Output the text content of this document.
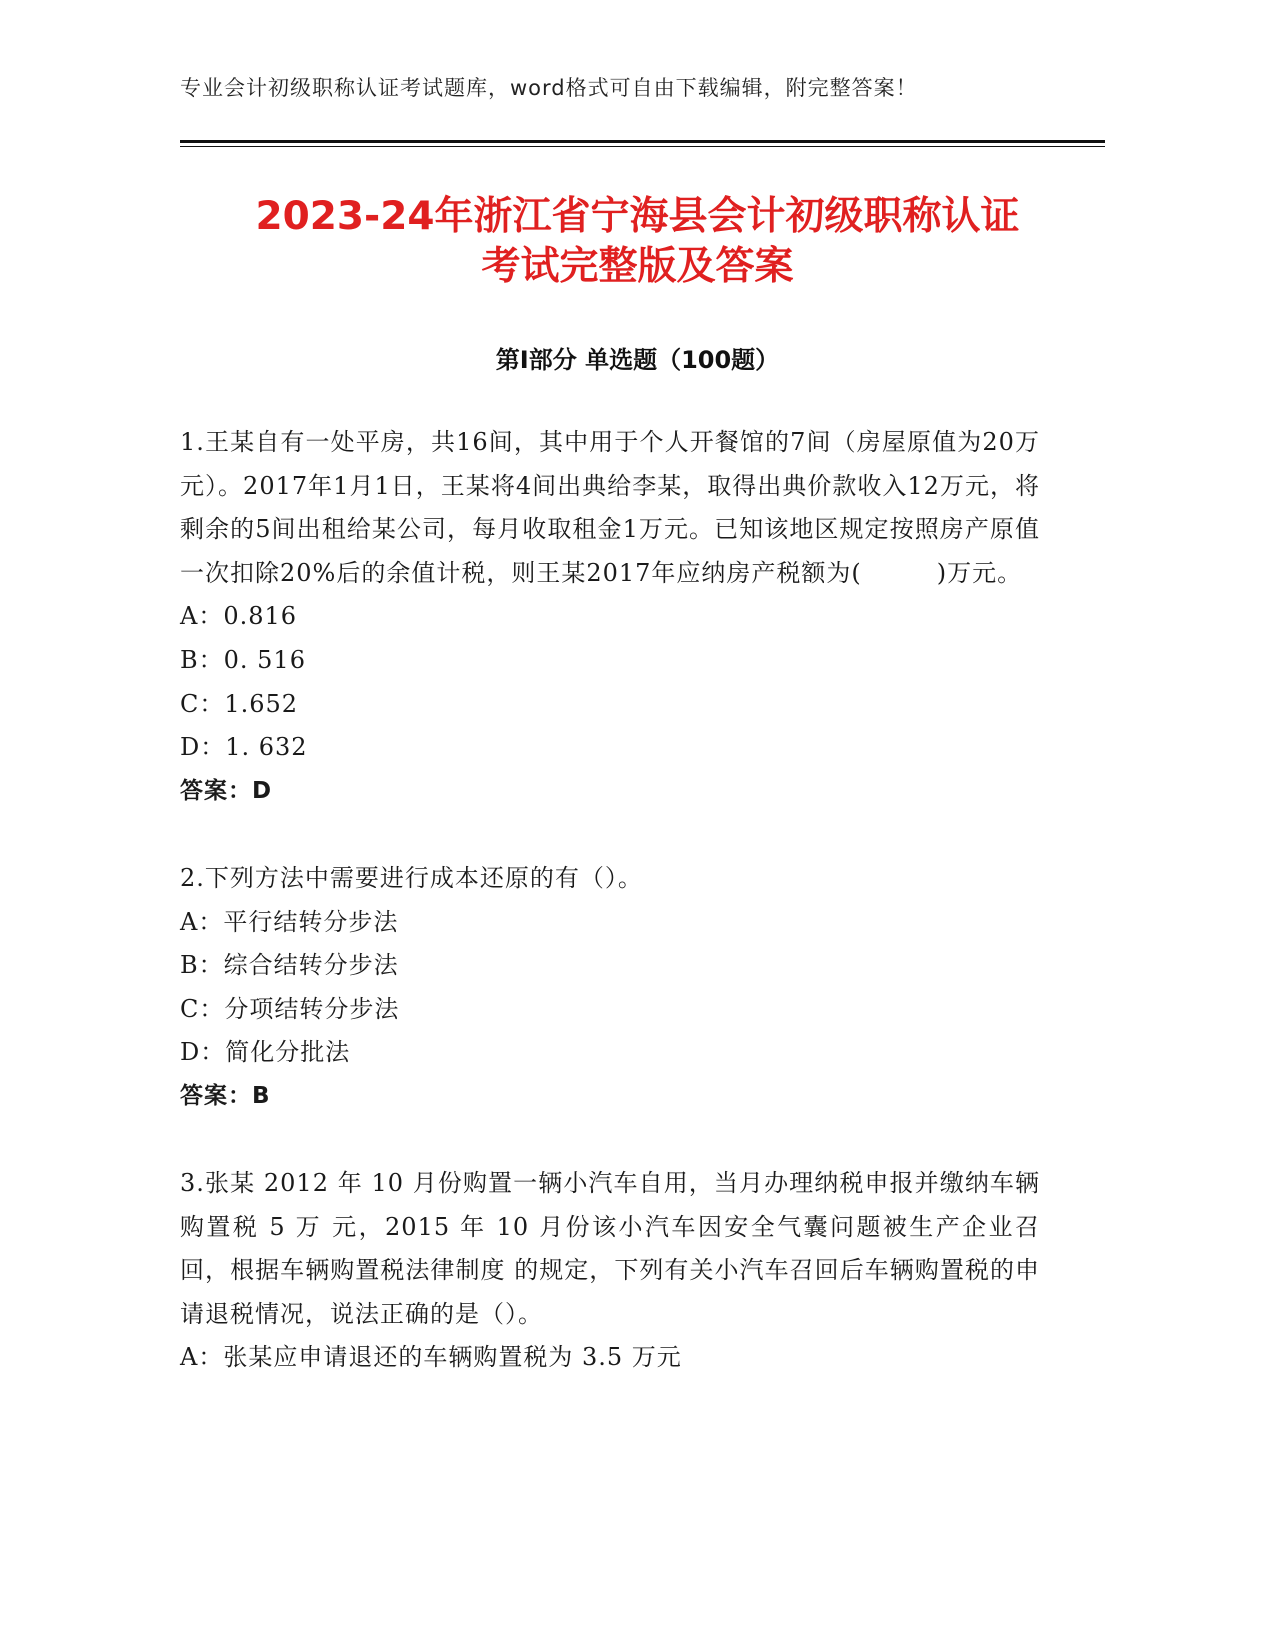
专业会计初级职称认证考试题库，word格式可自由下载编辑，附完整答案！
2023-24年浙江省宁海县会计初级职称认证
考试完整版及答案
第Ⅰ部分 单选题（100题）

1.王某自有一处平房，共16间，其中用于个人开餐馆的7间（房屋原值为20万元）。2017年1月1日，王某将4间出典给李某，取得出典价款收入12万元，将剩余的5间出租给某公司，每月收取租金1万元。已知该地区规定按照房产原值一次扣除20%后的余值计税，则王某2017年应纳房产税额为(　　　)万元。

A：0.816

B：0. 516

C：1.652

D：1. 632

答案：D

2.下列方法中需要进行成本还原的有（）。

A：平行结转分步法

B：综合结转分步法

C：分项结转分步法

D：简化分批法

答案：B

3.张某 2012 年 10 月份购置一辆小汽车自用，当月办理纳税申报并缴纳车辆购置税 5 万 元，2015 年 10 月份该小汽车因安全气囊问题被生产企业召回，根据车辆购置税法律制度 的规定，下列有关小汽车召回后车辆购置税的申请退税情况，说法正确的是（）。

A：张某应申请退还的车辆购置税为 3.5 万元
